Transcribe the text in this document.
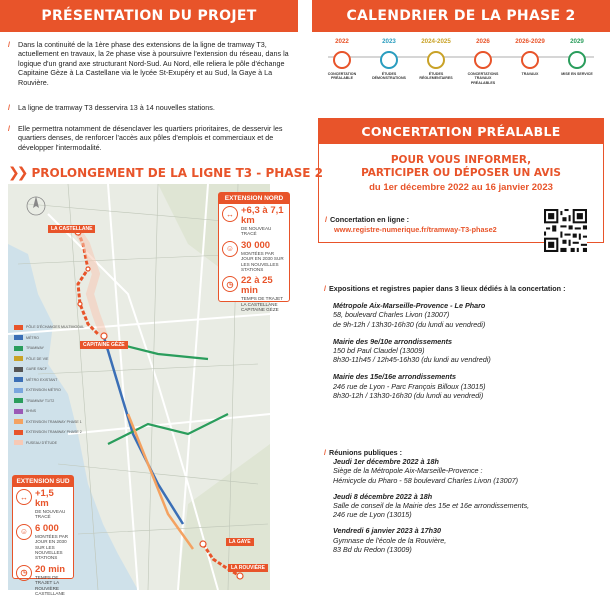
PRÉSENTATION DU PROJET

/ Dans la continuité de la 1ère phase des extensions de la ligne de tramway T3, actuellement en travaux, la 2e phase vise à poursuivre l'extension du réseau, dans la logique d'un grand axe structurant Nord-Sud. Au Nord, elle reliera le pôle d'échange Capitaine Gèze à La Castellane via le lycée St-Exupéry et au Sud, la Gaye à La Rouvière.

/ La ligne de tramway T3 desservira 13 à 14 nouvelles stations.

/ Elle permettra notamment de désenclaver les quartiers prioritaires, de desservir les quartiers denses, de renforcer l'accès aux pôles d'emplois et commerciaux et de développer l'intermodalité.

❯❯ PROLONGEMENT DE LA LIGNE T3 - PHASE 2
LA CASTELLANE
CAPITAINE GÈZE
LA GAYE
LA ROUVIÈRE
PÔLE D'ÉCHANGES MULTIMODAL
MÉTRO
TRAMWAY
PÔLE DE VIE
GARE SNCF
MÉTRO EXISTANT
EXTENSION MÉTRO
TRAMWAY T1/T2
BHNS
EXTENSION TRAMWAY PHASE 1
EXTENSION TRAMWAY PHASE 2
FUSEAU D'ÉTUDE
EXTENSION NORD
↔ +6,3 à 7,1 km
DE NOUVEAU TRACÉ
☺ 30 000
MONTÉES PAR JOUR EN 2030 SUR LES NOUVELLES STATIONS
◷ 22 à 25 min
TEMPS DE TRAJET LA CASTELLANE CAPITAINE GÈZE
EXTENSION SUD
↔ +1,5 km
DE NOUVEAU TRACÉ
☺ 6 000
MONTÉES PAR JOUR EN 2030 SUR LES NOUVELLES STATIONS
◷ 20 min
TEMPS DE TRAJET LA ROUVIÈRE CASTELLANE
CALENDRIER DE LA PHASE 2
2022
CONCERTATION PRÉALABLE
2023
ÉTUDES DÉMONSTRATIONS
2024-2025
ÉTUDES RÉGLEMENTAIRES
2026
CONCERTATIONS TRAVAUX PRÉALABLES
2026-2029
TRAVAUX
2029
MISE EN SERVICE
CONCERTATION PRÉALABLE
POUR VOUS INFORMER,
PARTICIPER OU DÉPOSER UN AVIS
du 1er décembre 2022 au 16 janvier 2023
/ Concertation en ligne :
www.registre-numerique.fr/tramway-T3-phase2
/ Expositions et registres papier dans 3 lieux dédiés à la concertation :
Métropole Aix-Marseille-Provence - Le Pharo
58, boulevard Charles Livon (13007)
de 9h-12h / 13h30-16h30 (du lundi au vendredi)
Mairie des 9e/10e arrondissements
150 bd Paul Claudel (13009)
8h30-11h45 / 12h45-16h30 (du lundi au vendredi)
Mairie des 15e/16e arrondissements
246 rue de Lyon - Parc François Billoux (13015)
8h30-12h / 13h30-16h30 (du lundi au vendredi)
/ Réunions publiques :
Jeudi 1er décembre 2022 à 18h
Siège de la Métropole Aix-Marseille-Provence :
Hémicycle du Pharo - 58 boulevard Charles Livon (13007)
Jeudi 8 décembre 2022 à 18h
Salle de conseil de la Mairie des 15e et 16e arrondissements,
246 rue de Lyon (13015)
Vendredi 6 janvier 2023 à 17h30
Gymnase de l'école de la Rouvière,
83 Bd du Redon (13009)
